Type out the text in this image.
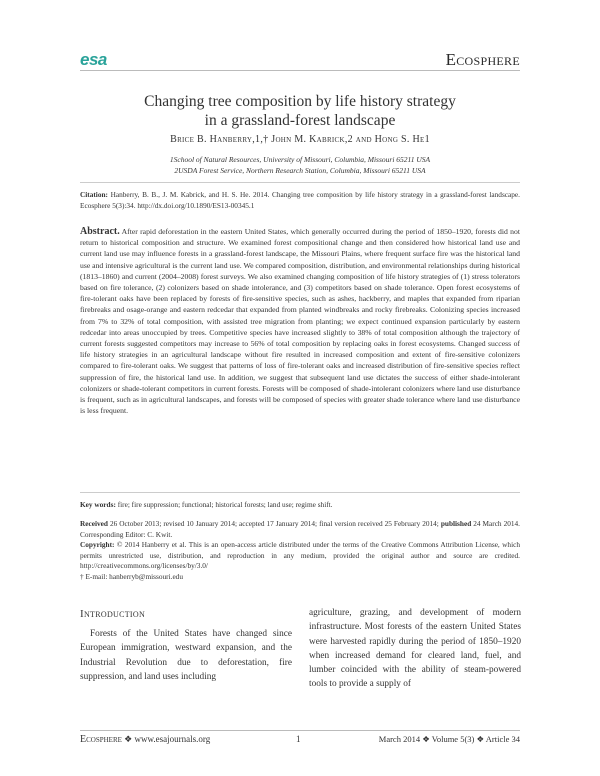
esa	Ecosphere
Changing tree composition by life history strategy
in a grassland-forest landscape
Brice B. Hanberry,1,† John M. Kabrick,2 and Hong S. He1
1School of Natural Resources, University of Missouri, Columbia, Missouri 65211 USA
2USDA Forest Service, Northern Research Station, Columbia, Missouri 65211 USA
Citation: Hanberry, B. B., J. M. Kabrick, and H. S. He. 2014. Changing tree composition by life history strategy in a grassland-forest landscape. Ecosphere 5(3):34. http://dx.doi.org/10.1890/ES13-00345.1
Abstract. After rapid deforestation in the eastern United States, which generally occurred during the period of 1850–1920, forests did not return to historical composition and structure. We examined forest compositional change and then considered how historical land use and current land use may influence forests in a grassland-forest landscape, the Missouri Plains, where frequent surface fire was the historical land use and intensive agricultural is the current land use. We compared composition, distribution, and environmental relationships during historical (1813–1860) and current (2004–2008) forest surveys. We also examined changing composition of life history strategies of (1) stress tolerators based on fire tolerance, (2) colonizers based on shade intolerance, and (3) competitors based on shade tolerance. Open forest ecosystems of fire-tolerant oaks have been replaced by forests of fire-sensitive species, such as ashes, hackberry, and maples that expanded from riparian firebreaks and osage-orange and eastern redcedar that expanded from planted windbreaks and rocky firebreaks. Colonizing species increased from 7% to 32% of total composition, with assisted tree migration from planting; we expect continued expansion particularly by eastern redcedar into areas unoccupied by trees. Competitive species have increased slightly to 38% of total composition although the trajectory of current forests suggested competitors may increase to 56% of total composition by replacing oaks in forest ecosystems. Changed success of life history strategies in an agricultural landscape without fire resulted in increased composition and extent of fire-sensitive colonizers compared to fire-tolerant oaks. We suggest that patterns of loss of fire-tolerant oaks and increased distribution of fire-sensitive species reflect suppression of fire, the historical land use. In addition, we suggest that subsequent land use dictates the success of either shade-intolerant colonizers or shade-tolerant competitors in current forests. Forests will be composed of shade-intolerant colonizers where land use disturbance is frequent, such as in agricultural landscapes, and forests will be composed of species with greater shade tolerance where land use disturbance is less frequent.
Key words: fire; fire suppression; functional; historical forests; land use; regime shift.
Received 26 October 2013; revised 10 January 2014; accepted 17 January 2014; final version received 25 February 2014; published 24 March 2014. Corresponding Editor: C. Kwit.
Copyright: © 2014 Hanberry et al. This is an open-access article distributed under the terms of the Creative Commons Attribution License, which permits unrestricted use, distribution, and reproduction in any medium, provided the original author and source are credited. http://creativecommons.org/licenses/by/3.0/
† E-mail: hanberryb@missouri.edu
Introduction
Forests of the United States have changed since European immigration, westward expansion, and the Industrial Revolution due to deforestation, fire suppression, and land uses including
agriculture, grazing, and development of modern infrastructure. Most forests of the eastern United States were harvested rapidly during the period of 1850–1920 when increased demand for cleared land, fuel, and lumber coincided with the ability of steam-powered tools to provide a supply of
Ecosphere ❖ www.esajournals.org	1	March 2014 ❖ Volume 5(3) ❖ Article 34
